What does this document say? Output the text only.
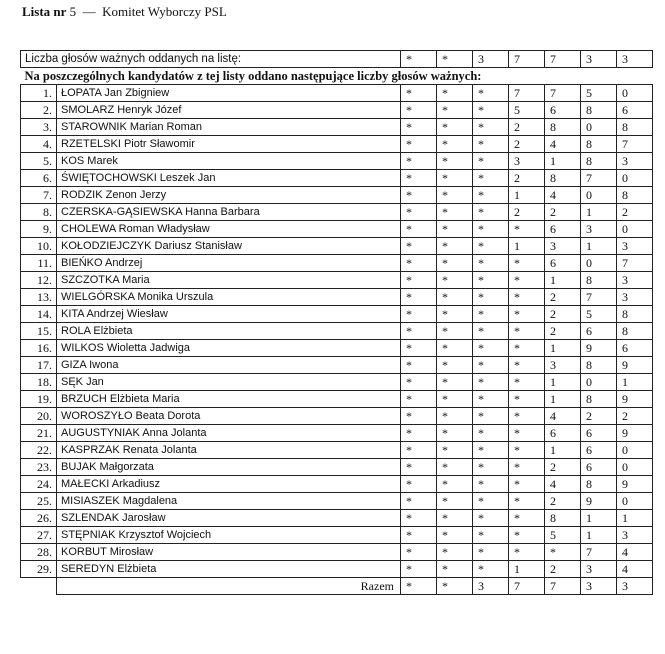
Lista nr 5 — Komitet Wyborczy PSL
Liczba głosów ważnych oddanych na listę:		*	*	3	7	7	3	3
Na poszczególnych kandydatów z tej listy oddano następujące liczby głosów ważnych:								
1.	ŁOPATA Jan Zbigniew	*	*	*	7	7	5	0
2.	SMOLARZ Henryk Józef	*	*	*	5	6	8	6
3.	STAROWNIK Marian Roman	*	*	*	2	8	0	8
4.	RZETELSKI Piotr Sławomir	*	*	*	2	4	8	7
5.	KOS Marek	*	*	*	3	1	8	3
6.	ŚWIĘTOCHOWSKI Leszek Jan	*	*	*	2	8	7	0
7.	RODZIK Zenon Jerzy	*	*	*	1	4	0	8
8.	CZERSKA-GĄSIEWSKA Hanna Barbara	*	*	*	2	2	1	2
9.	CHOLEWA Roman Władysław	*	*	*	*	6	3	0
10.	KOŁODZIEJCZYK Dariusz Stanisław	*	*	*	1	3	1	3
11.	BIEŃKO Andrzej	*	*	*	*	6	0	7
12.	SZCZOTKA Maria	*	*	*	*	1	8	3
13.	WIELGÓRSKA Monika Urszula	*	*	*	*	2	7	3
14.	KITA Andrzej Wiesław	*	*	*	*	2	5	8
15.	ROLA Elżbieta	*	*	*	*	2	6	8
16.	WILKOS Wioletta Jadwiga	*	*	*	*	1	9	6
17.	GIZA Iwona	*	*	*	*	3	8	9
18.	SĘK Jan	*	*	*	*	1	0	1
19.	BRZUCH Elżbieta Maria	*	*	*	*	1	8	9
20.	WOROSZYŁO Beata Dorota	*	*	*	*	4	2	2
21.	AUGUSTYNIAK Anna Jolanta	*	*	*	*	6	6	9
22.	KASPRZAK Renata Jolanta	*	*	*	*	1	6	0
23.	BUJAK Małgorzata	*	*	*	*	2	6	0
24.	MAŁECKI Arkadiusz	*	*	*	*	4	8	9
25.	MISIASZEK Magdalena	*	*	*	*	2	9	0
26.	SZLENDAK Jarosław	*	*	*	*	8	1	1
27.	STĘPNIAK Krzysztof Wojciech	*	*	*	*	5	1	3
28.	KORBUT Mirosław	*	*	*	*	*	7	4
29.	SEREDYN Elżbieta	*	*	*	1	2	3	4
	Razem	*	*	3	7	7	3	3
